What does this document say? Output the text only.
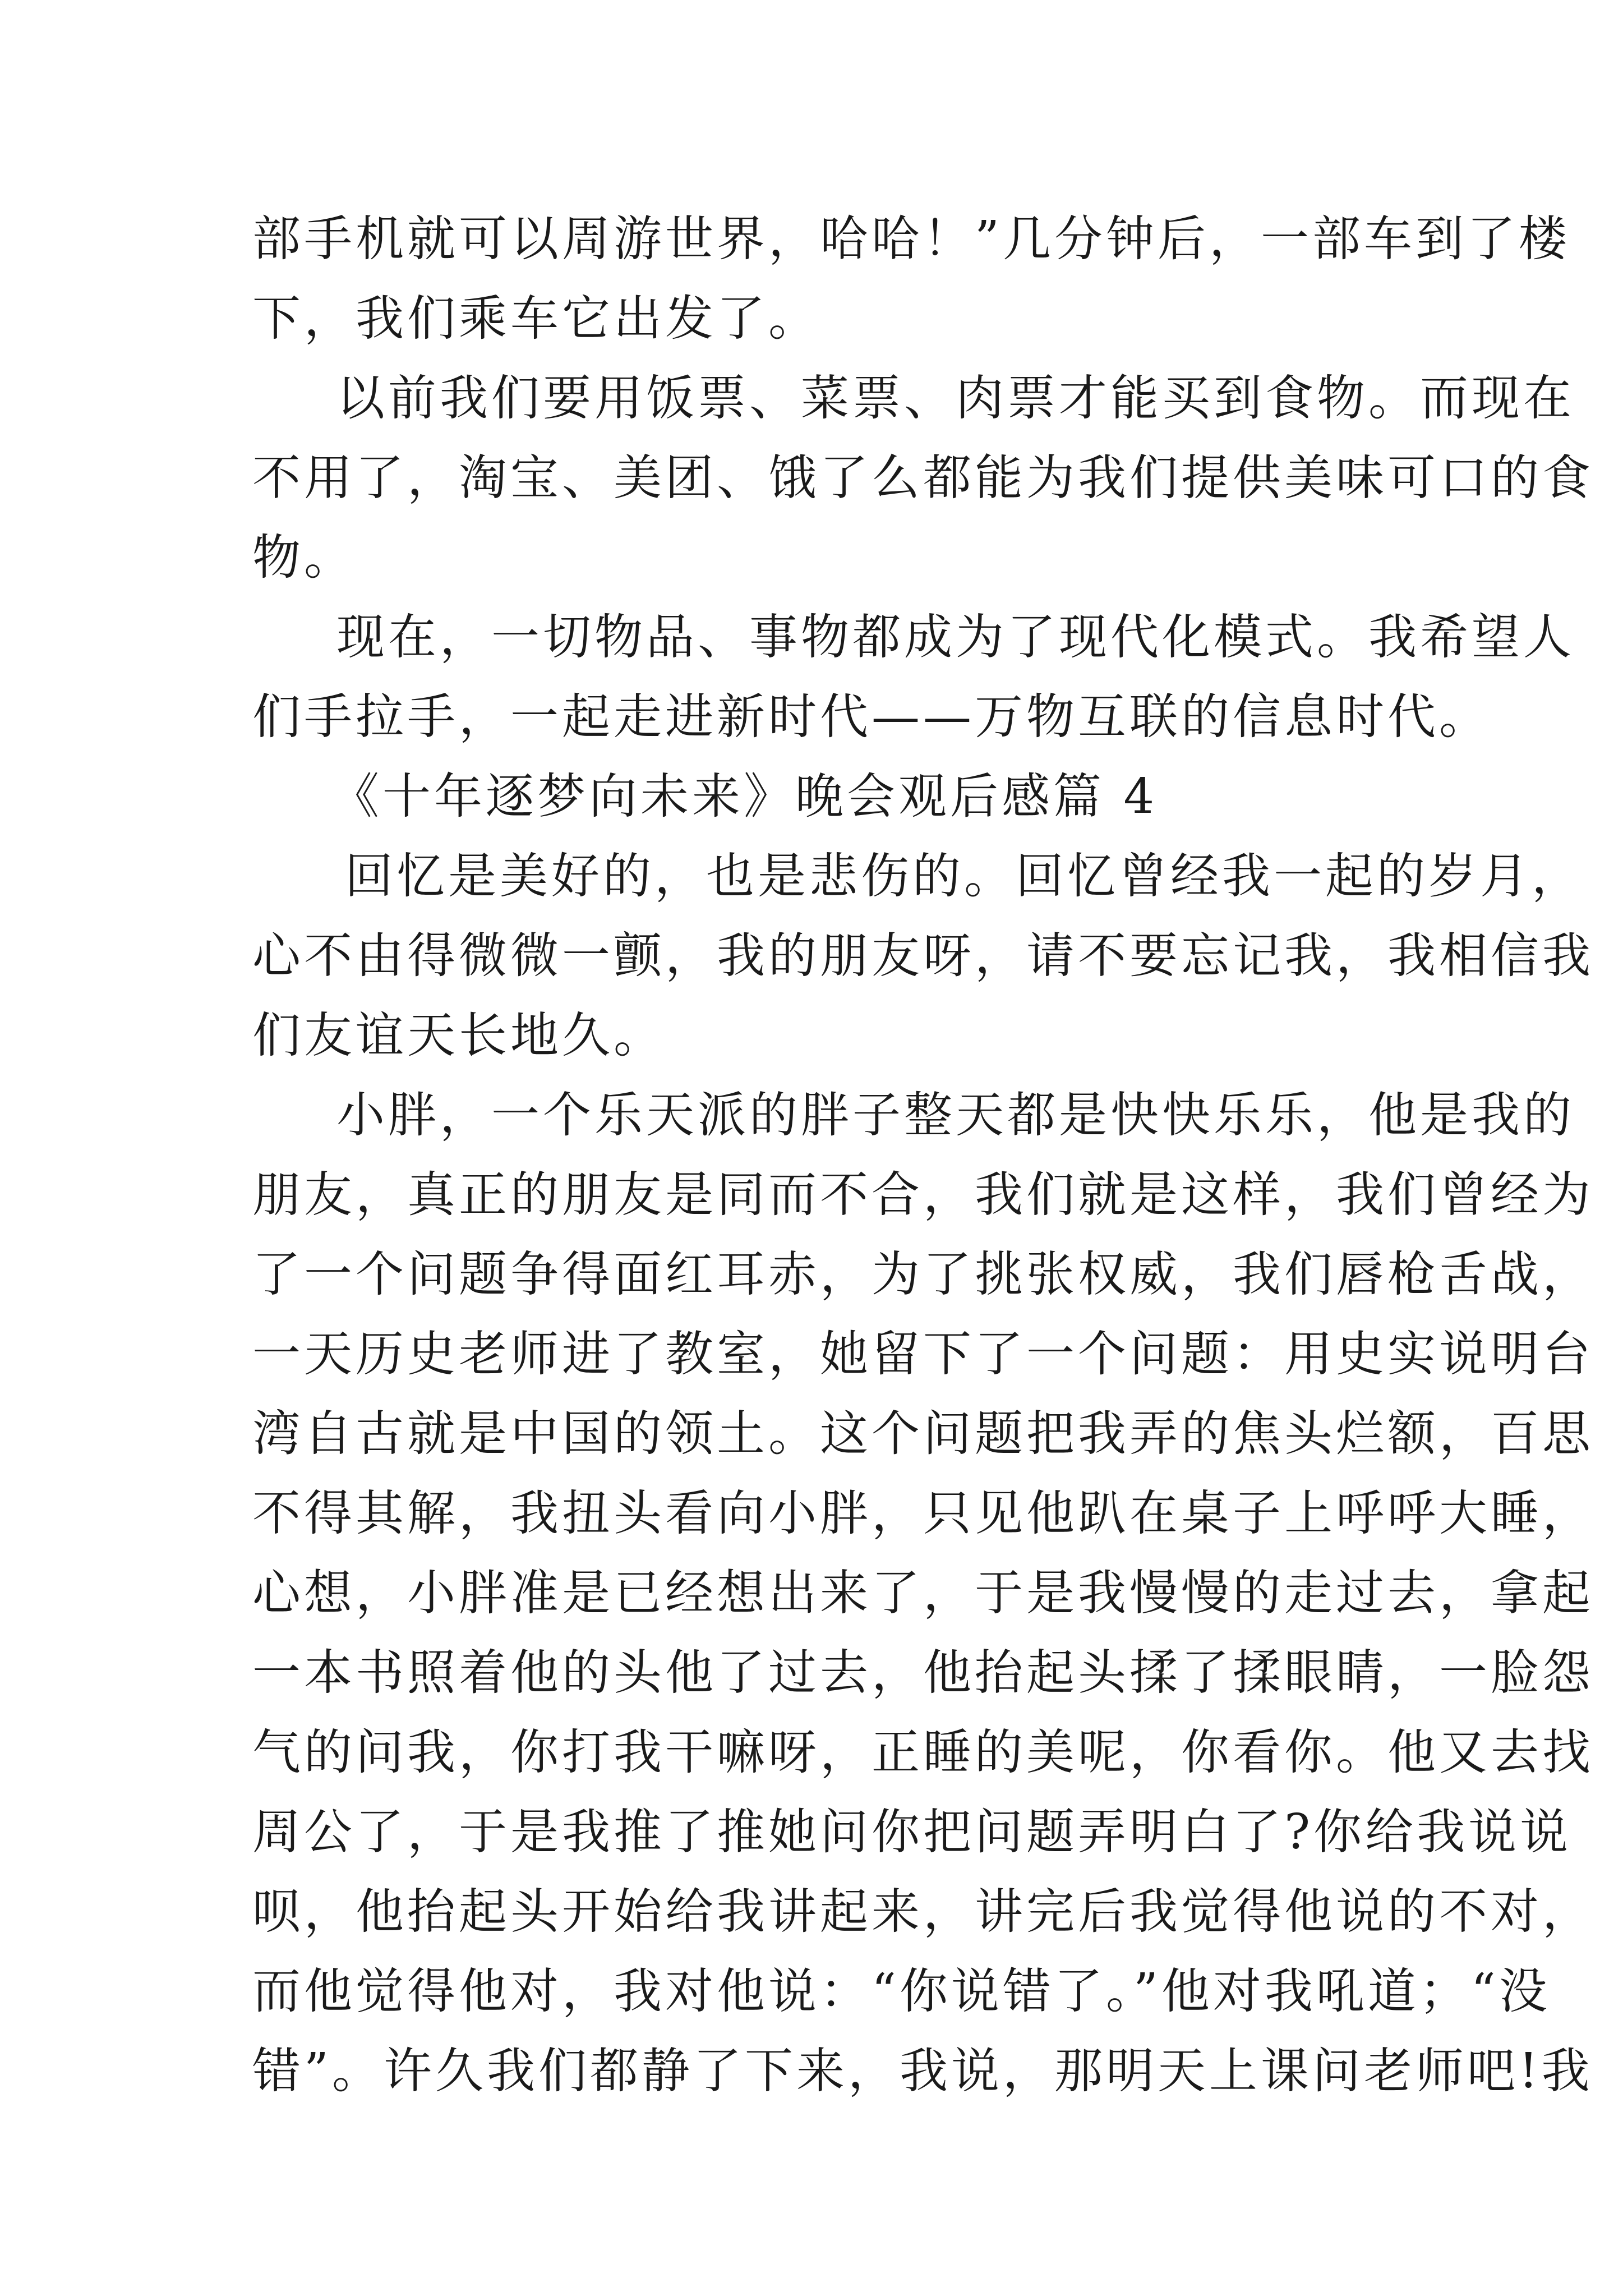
部手机就可以周游世界，哈哈！”几分钟后，一部车到了楼
下，我们乘车它出发了。
以前我们要用饭票、菜票、肉票才能买到食物。而现在
不用了，淘宝、美团、饿了么都能为我们提供美味可口的食
物。
现在，一切物品、事物都成为了现代化模式。我希望人
们手拉手，一起走进新时代——万物互联的信息时代。
《十年逐梦向未来》晚会观后感篇 4
回忆是美好的，也是悲伤的。回忆曾经我一起的岁月，
心不由得微微一颤，我的朋友呀，请不要忘记我，我相信我
们友谊天长地久。
小胖，一个乐天派的胖子整天都是快快乐乐，他是我的
朋友，真正的朋友是同而不合，我们就是这样，我们曾经为
了一个问题争得面红耳赤，为了挑张权威，我们唇枪舌战，
一天历史老师进了教室，她留下了一个问题：用史实说明台
湾自古就是中国的领土。这个问题把我弄的焦头烂额，百思
不得其解，我扭头看向小胖，只见他趴在桌子上呼呼大睡，
心想，小胖准是已经想出来了，于是我慢慢的走过去，拿起
一本书照着他的头他了过去，他抬起头揉了揉眼睛，一脸怨
气的问我，你打我干嘛呀，正睡的美呢，你看你。他又去找
周公了，于是我推了推她问你把问题弄明白了?你给我说说
呗，他抬起头开始给我讲起来，讲完后我觉得他说的不对，
而他觉得他对，我对他说：“你说错了。”他对我吼道；“没
错”。许久我们都静了下来，我说，那明天上课问老师吧!我
